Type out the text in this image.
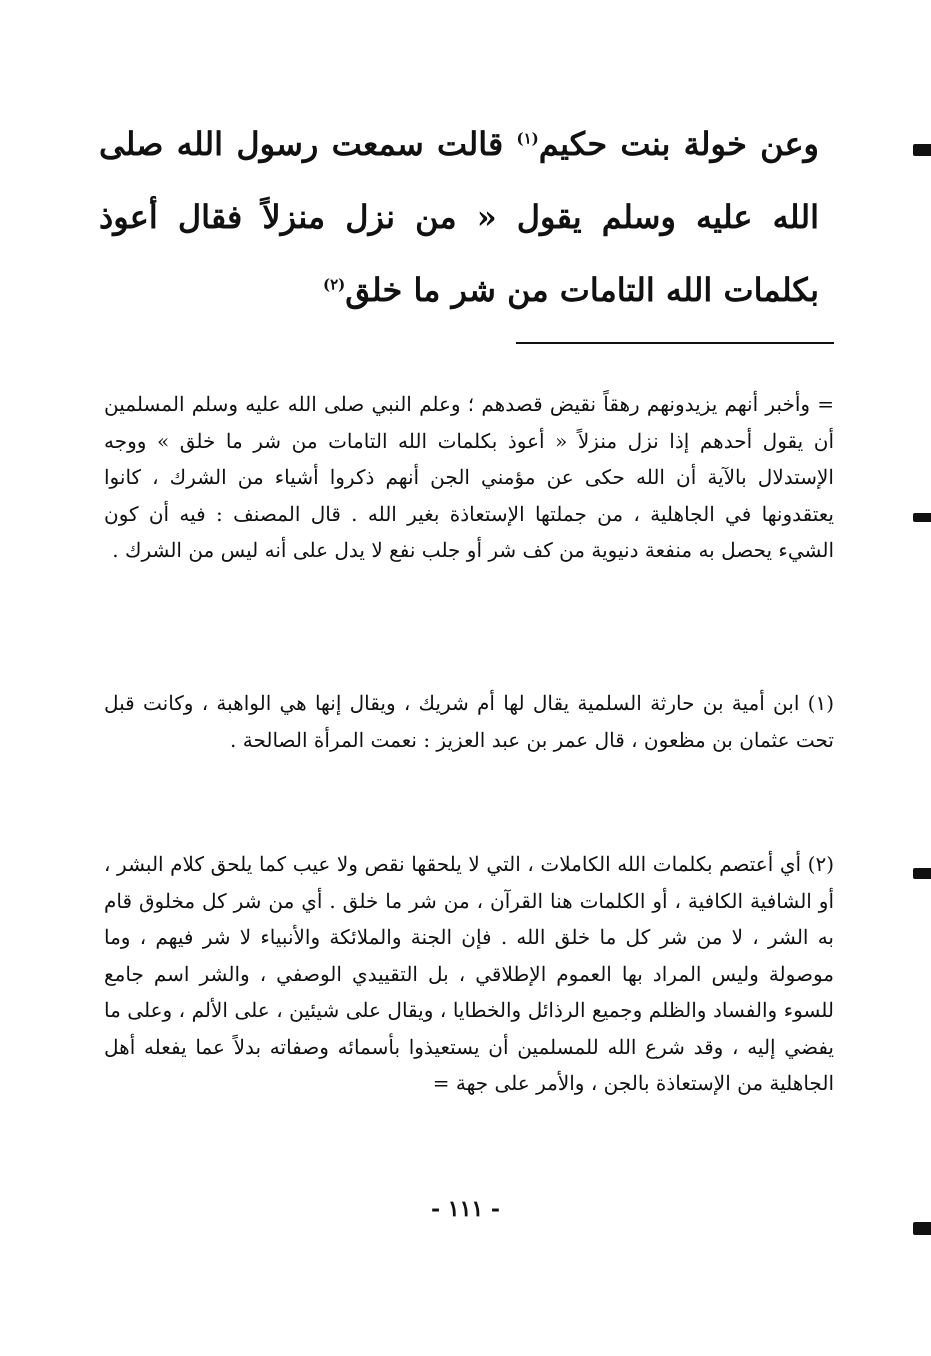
وعن خولة بنت حكيم$^{(١)}$ قالت سمعت رسول الله صلى الله عليه وسلم يقول « من نزل منزلاً فقال أعوذ بكلمات الله التامات من شر ما خلق$^{(٢)}$

= وأخبر أنهم يزيدونهم رهقاً نقيض قصدهم ؛ وعلم النبي صلى الله عليه وسلم المسلمين أن يقول أحدهم إذا نزل منزلاً « أعوذ بكلمات الله التامات من شر ما خلق » ووجه الإستدلال بالآية أن الله حكى عن مؤمني الجن أنهم ذكروا أشياء من الشرك ، كانوا يعتقدونها في الجاهلية ، من جملتها الإستعاذة بغير الله . قال المصنف : فيه أن كون الشيء يحصل به منفعة دنيوية من كف شر أو جلب نفع لا يدل على أنه ليس من الشرك .

(١) ابن أمية بن حارثة السلمية يقال لها أم شريك ، ويقال إنها هي الواهبة ، وكانت قبل تحت عثمان بن مظعون ، قال عمر بن عبد العزيز : نعمت المرأة الصالحة .

(٢) أي أعتصم بكلمات الله الكاملات ، التي لا يلحقها نقص ولا عيب كما يلحق كلام البشر ، أو الشافية الكافية ، أو الكلمات هنا القرآن ، من شر ما خلق . أي من شر كل مخلوق قام به الشر ، لا من شر كل ما خلق الله . فإن الجنة والملائكة والأنبياء لا شر فيهم ، وما موصولة وليس المراد بها العموم الإطلاقي ، بل التقييدي الوصفي ، والشر اسم جامع للسوء والفساد والظلم وجميع الرذائل والخطايا ، ويقال على شيئين ، على الألم ، وعلى ما يفضي إليه ، وقد شرع الله للمسلمين أن يستعيذوا بأسمائه وصفاته بدلاً عما يفعله أهل الجاهلية من الإستعاذة بالجن ، والأمر على جهة =

- ١١١ -
